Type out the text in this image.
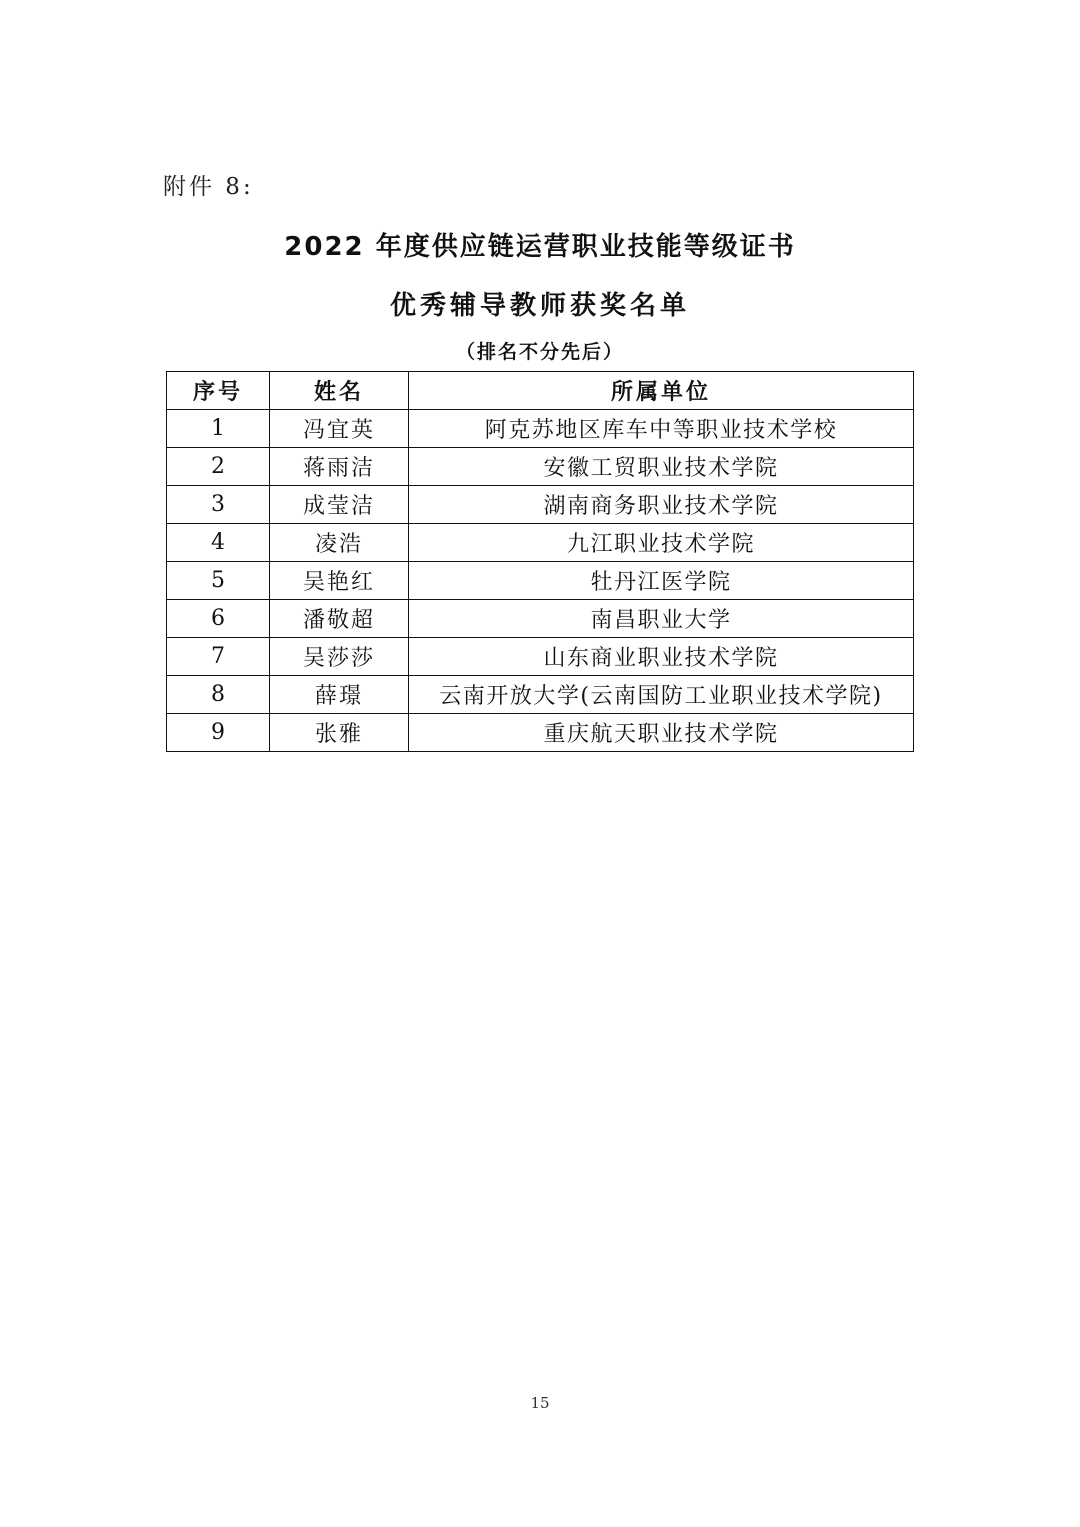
附件 8:
2022 年度供应链运营职业技能等级证书
优秀辅导教师获奖名单
（排名不分先后）
序号	姓名	所属单位
1	冯宜英	阿克苏地区库车中等职业技术学校
2	蒋雨洁	安徽工贸职业技术学院
3	成莹洁	湖南商务职业技术学院
4	凌浩	九江职业技术学院
5	吴艳红	牡丹江医学院
6	潘敬超	南昌职业大学
7	吴莎莎	山东商业职业技术学院
8	薛璟	云南开放大学(云南国防工业职业技术学院)
9	张雅	重庆航天职业技术学院
15
